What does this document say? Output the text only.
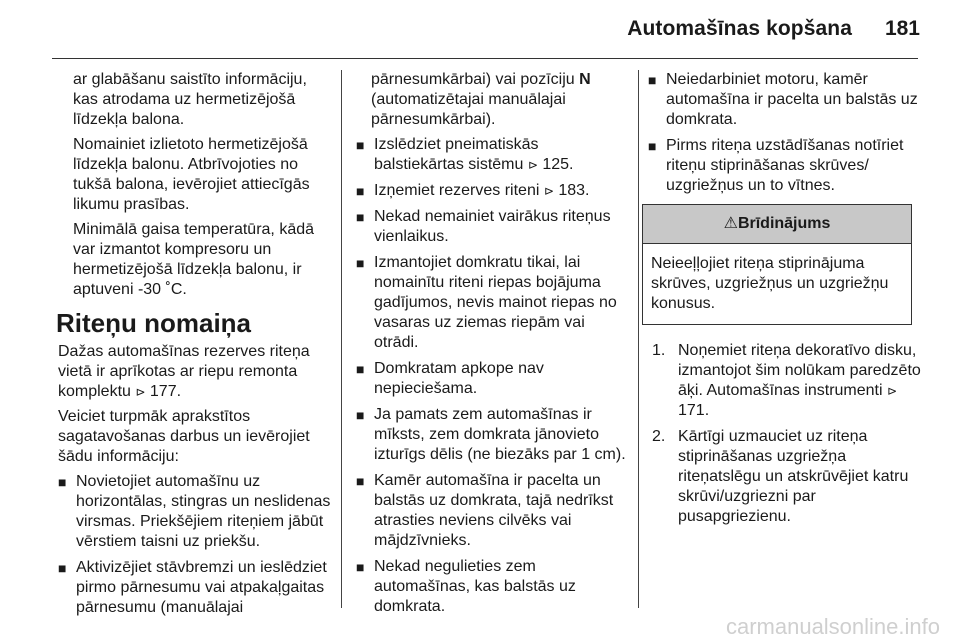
Automašīnas kopšana 181

ar glabāšanu saistīto informāciju, kas atrodama uz hermetizējošā līdzekļa balona.

Nomainiet izlietoto hermetizējošā līdzekļa balonu. Atbrīvojoties no tukšā balona, ievērojiet attiecīgās likumu prasības.

Minimālā gaisa temperatūra, kādā var izmantot kompresoru un hermetizējošā līdzekļa balonu, ir aptuveni -30 ˚C.

Riteņu nomaiņa

Dažas automašīnas rezerves riteņa vietā ir aprīkotas ar riepu remonta komplektu ⊳ 177.

Veiciet turpmāk aprakstītos sagatavošanas darbus un ievērojiet šādu informāciju:

■ Novietojiet automašīnu uz horizontālas, stingras un neslidenas virsmas. Priekšējiem riteņiem jābūt vērstiem taisni uz priekšu.
■ Aktivizējiet stāvbremzi un ieslēdziet pirmo pārnesumu vai atpakaļgaitas pārnesumu (manuālajai

pārnesumkārbai) vai pozīciju N (automatizētajai manuālajai pārnesumkārbai).

■ Izslēdziet pneimatiskās balstiekārtas sistēmu ⊳ 125.
■ Izņemiet rezerves riteni ⊳ 183.
■ Nekad nemainiet vairākus riteņus vienlaikus.
■ Izmantojiet domkratu tikai, lai nomainītu riteni riepas bojājuma gadījumos, nevis mainot riepas no vasaras uz ziemas riepām vai otrādi.
■ Domkratam apkope nav nepieciešama.
■ Ja pamats zem automašīnas ir mīksts, zem domkrata jānovieto izturīgs dēlis (ne biezāks par 1 cm).
■ Kamēr automašīna ir pacelta un balstās uz domkrata, tajā nedrīkst atrasties neviens cilvēks vai mājdzīvnieks.
■ Nekad negulieties zem automašīnas, kas balstās uz domkrata.
■ Neiedarbiniet motoru, kamēr automašīna ir pacelta un balstās uz domkrata.
■ Pirms riteņa uzstādīšanas notīriet riteņu stiprināšanas skrūves/ uzgriežņus un to vītnes.
⚠Brīdinājums
Neieeļļojiet riteņa stiprinājuma skrūves, uzgriežņus un uzgriežņu konusus.
1. Noņemiet riteņa dekoratīvo disku, izmantojot šim nolūkam paredzēto āķi. Automašīnas instrumenti ⊳ 171.
2. Kārtīgi uzmauciet uz riteņa stiprināšanas uzgriežņa riteņatslēgu un atskrūvējiet katru skrūvi/uzgriezni par pusapgriezienu.
carmanualsonline.info
